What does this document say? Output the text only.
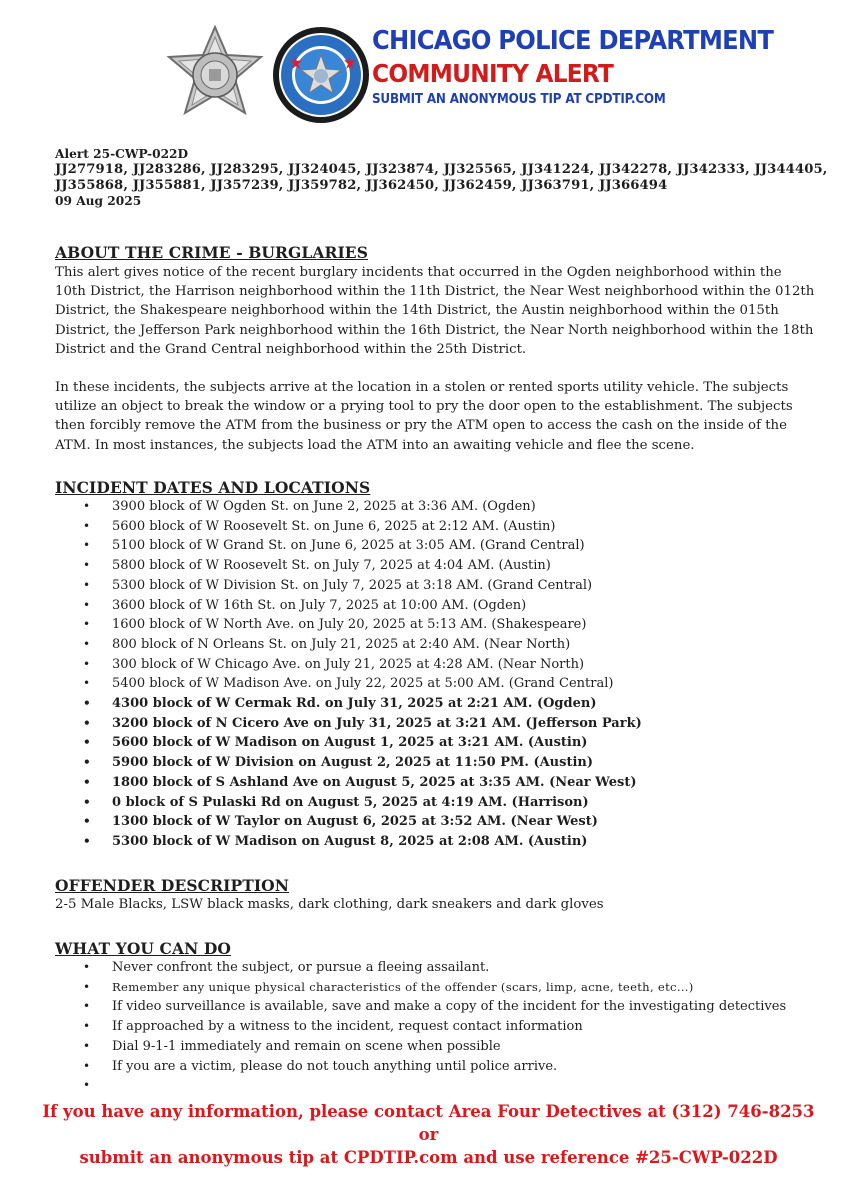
CHICAGO POLICE DEPARTMENT
COMMUNITY ALERT
SUBMIT AN ANONYMOUS TIP AT CPDTIP.COM
Alert 25-CWP-022D
JJ277918, JJ283286, JJ283295, JJ324045, JJ323874, JJ325565, JJ341224, JJ342278, JJ342333, JJ344405, JJ355868, JJ355881, JJ357239, JJ359782, JJ362450, JJ362459, JJ363791, JJ366494
09 Aug 2025
ABOUT THE CRIME - BURGLARIES

This alert gives notice of the recent burglary incidents that occurred in the Ogden neighborhood within the 10th District, the Harrison neighborhood within the 11th District, the Near West neighborhood within the 012th District, the Shakespeare neighborhood within the 14th District, the Austin neighborhood within the 015th District, the Jefferson Park neighborhood within the 16th District, the Near North neighborhood within the 18th District and the Grand Central neighborhood within the 25th District.

In these incidents, the subjects arrive at the location in a stolen or rented sports utility vehicle. The subjects utilize an object to break the window or a prying tool to pry the door open to the establishment. The subjects then forcibly remove the ATM from the business or pry the ATM open to access the cash on the inside of the ATM. In most instances, the subjects load the ATM into an awaiting vehicle and flee the scene.

INCIDENT DATES AND LOCATIONS
• 3900 block of W Ogden St. on June 2, 2025 at 3:36 AM. (Ogden)
• 5600 block of W Roosevelt St. on June 6, 2025 at 2:12 AM. (Austin)
• 5100 block of W Grand St. on June 6, 2025 at 3:05 AM. (Grand Central)
• 5800 block of W Roosevelt St. on July 7, 2025 at 4:04 AM. (Austin)
• 5300 block of W Division St. on July 7, 2025 at 3:18 AM. (Grand Central)
• 3600 block of W 16th St. on July 7, 2025 at 10:00 AM. (Ogden)
• 1600 block of W North Ave. on July 20, 2025 at 5:13 AM. (Shakespeare)
• 800 block of N Orleans St. on July 21, 2025 at 2:40 AM. (Near North)
• 300 block of W Chicago Ave. on July 21, 2025 at 4:28 AM. (Near North)
• 5400 block of W Madison Ave. on July 22, 2025 at 5:00 AM. (Grand Central)
• 4300 block of W Cermak Rd. on July 31, 2025 at 2:21 AM. (Ogden)
• 3200 block of N Cicero Ave on July 31, 2025 at 3:21 AM. (Jefferson Park)
• 5600 block of W Madison on August 1, 2025 at 3:21 AM. (Austin)
• 5900 block of W Division on August 2, 2025 at 11:50 PM. (Austin)
• 1800 block of S Ashland Ave on August 5, 2025 at 3:35 AM. (Near West)
• 0 block of S Pulaski Rd on August 5, 2025 at 4:19 AM. (Harrison)
• 1300 block of W Taylor on August 6, 2025 at 3:52 AM. (Near West)
• 5300 block of W Madison on August 8, 2025 at 2:08 AM. (Austin)
OFFENDER DESCRIPTION
2-5 Male Blacks, LSW black masks, dark clothing, dark sneakers and dark gloves
WHAT YOU CAN DO
• Never confront the subject, or pursue a fleeing assailant.
• Remember any unique physical characteristics of the offender (scars, limp, acne, teeth, etc…)
• If video surveillance is available, save and make a copy of the incident for the investigating detectives
• If approached by a witness to the incident, request contact information
• Dial 9-1-1 immediately and remain on scene when possible
• If you are a victim, please do not touch anything until police arrive.
If you have any information, please contact Area Four Detectives at (312) 746-8253 or
submit an anonymous tip at CPDTIP.com and use reference #25-CWP-022D
